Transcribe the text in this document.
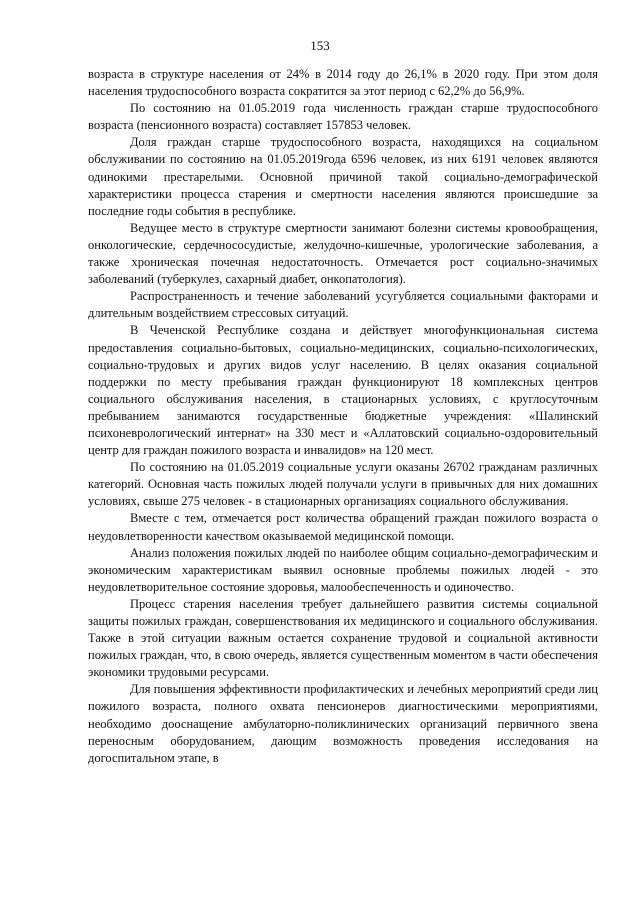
153

возраста в структуре населения от 24% в 2014 году до 26,1% в 2020 году. При этом доля населения трудоспособного возраста сократится за этот период с 62,2% до 56,9%.

По состоянию на 01.05.2019 года численность граждан старше трудоспособного возраста (пенсионного возраста) составляет 157853 человек.

Доля граждан старше трудоспособного возраста, находящихся на социальном обслуживании по состоянию на 01.05.2019года 6596 человек, из них 6191 человек являются одинокими престарелыми. Основной причиной такой социально-демографической характеристики процесса старения и смертности населения являются происшедшие за последние годы события в республике.

Ведущее место в структуре смертности занимают болезни системы кровообращения, онкологические, сердечнососудистые, желудочно-кишечные, урологические заболевания, а также хроническая почечная недостаточность. Отмечается рост социально-значимых заболеваний (туберкулез, сахарный диабет, онкопатология).

Распространенность и течение заболеваний усугубляется социальными факторами и длительным воздействием стрессовых ситуаций.

В Чеченской Республике создана и действует многофункциональная система предоставления социально-бытовых, социально-медицинских, социально-психологических, социально-трудовых и других видов услуг населению. В целях оказания социальной поддержки по месту пребывания граждан функционируют 18 комплексных центров социального обслуживания населения, в стационарных условиях, с круглосуточным пребыванием занимаются государственные бюджетные учреждения: «Шалинский психоневрологический интернат» на 330 мест и «Аллатовский социально-оздоровительный центр для граждан пожилого возраста и инвалидов» на 120 мест.

По состоянию на 01.05.2019 социальные услуги оказаны 26702 гражданам различных категорий. Основная часть пожилых людей получали услуги в привычных для них домашних условиях, свыше 275 человек - в стационарных организациях социального обслуживания.

Вместе с тем, отмечается рост количества обращений граждан пожилого возраста о неудовлетворенности качеством оказываемой медицинской помощи.

Анализ положения пожилых людей по наиболее общим социально-демографическим и экономическим характеристикам выявил основные проблемы пожилых людей - это неудовлетворительное состояние здоровья, малообеспеченность и одиночество.

Процесс старения населения требует дальнейшего развития системы социальной защиты пожилых граждан, совершенствования их медицинского и социального обслуживания. Также в этой ситуации важным остается сохранение трудовой и социальной активности пожилых граждан, что, в свою очередь, является существенным моментом в части обеспечения экономики трудовыми ресурсами.

Для повышения эффективности профилактических и лечебных мероприятий среди лиц пожилого возраста, полного охвата пенсионеров диагностическими мероприятиями, необходимо дооснащение амбулаторно-поликлинических организаций первичного звена переносным оборудованием, дающим возможность проведения исследования на догоспитальном этапе, в
